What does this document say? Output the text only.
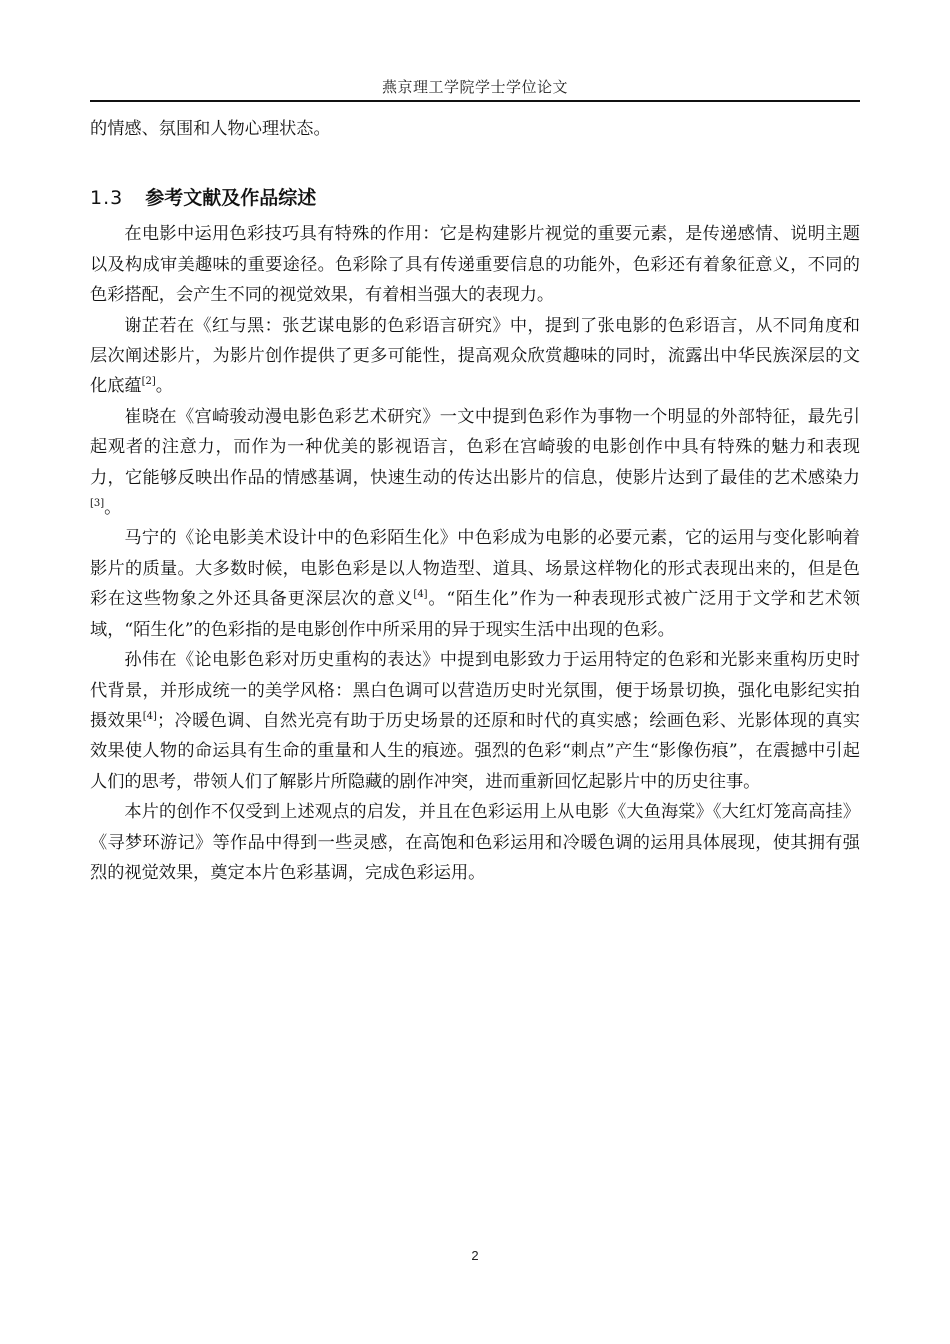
燕京理工学院学士学位论文

的情感、氛围和人物心理状态。

1.3 参考文献及作品综述

在电影中运用色彩技巧具有特殊的作用：它是构建影片视觉的重要元素，是传递感情、说明主题以及构成审美趣味的重要途径。色彩除了具有传递重要信息的功能外，色彩还有着象征意义，不同的色彩搭配，会产生不同的视觉效果，有着相当强大的表现力。

谢芷若在《红与黑：张艺谋电影的色彩语言研究》中，提到了张电影的色彩语言，从不同角度和层次阐述影片，为影片创作提供了更多可能性，提高观众欣赏趣味的同时，流露出中华民族深层的文化底蕴[2]。

崔晓在《宫崎骏动漫电影色彩艺术研究》一文中提到色彩作为事物一个明显的外部特征，最先引起观者的注意力，而作为一种优美的影视语言，色彩在宫崎骏的电影创作中具有特殊的魅力和表现力，它能够反映出作品的情感基调，快速生动的传达出影片的信息，使影片达到了最佳的艺术感染力[3]。

马宁的《论电影美术设计中的色彩陌生化》中色彩成为电影的必要元素，它的运用与变化影响着影片的质量。大多数时候，电影色彩是以人物造型、道具、场景这样物化的形式表现出来的，但是色彩在这些物象之外还具备更深层次的意义[4]。“陌生化”作为一种表现形式被广泛用于文学和艺术领域，“陌生化”的色彩指的是电影创作中所采用的异于现实生活中出现的色彩。

孙伟在《论电影色彩对历史重构的表达》中提到电影致力于运用特定的色彩和光影来重构历史时代背景，并形成统一的美学风格：黑白色调可以营造历史时光氛围，便于场景切换，强化电影纪实拍摄效果[4]；冷暖色调、自然光亮有助于历史场景的还原和时代的真实感；绘画色彩、光影体现的真实效果使人物的命运具有生命的重量和人生的痕迹。强烈的色彩“刺点”产生“影像伤痕”，在震撼中引起人们的思考，带领人们了解影片所隐藏的剧作冲突，进而重新回忆起影片中的历史往事。

本片的创作不仅受到上述观点的启发，并且在色彩运用上从电影《大鱼海棠》《大红灯笼高高挂》《寻梦环游记》等作品中得到一些灵感，在高饱和色彩运用和冷暖色调的运用具体展现，使其拥有强烈的视觉效果，奠定本片色彩基调，完成色彩运用。

2
